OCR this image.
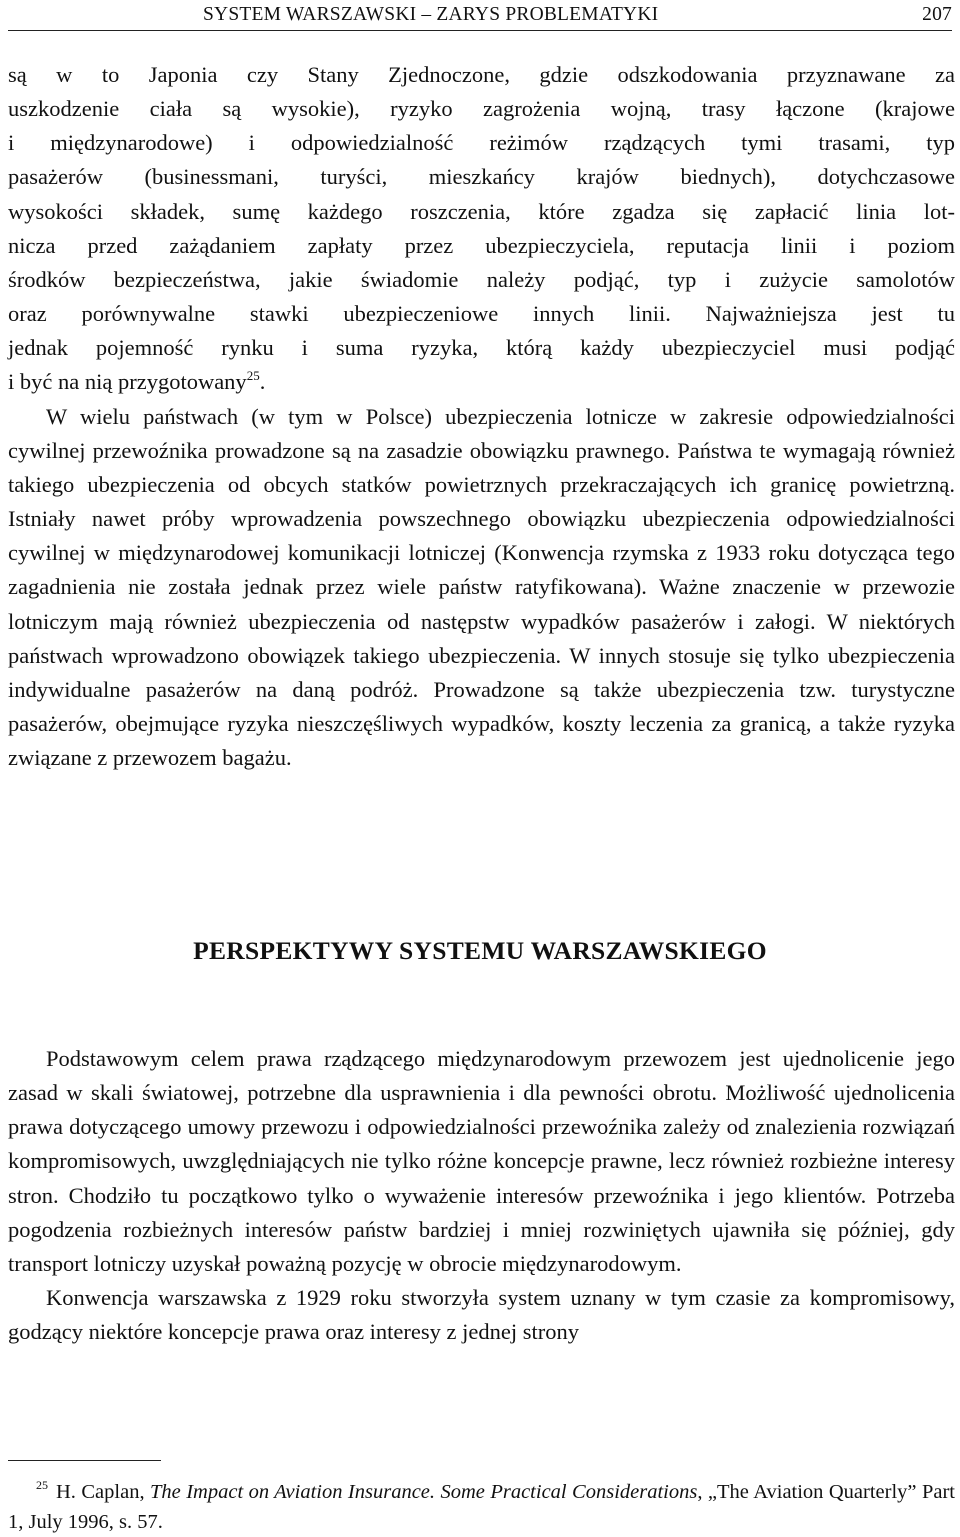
SYSTEM WARSZAWSKI – ZARYS PROBLEMATYKI	207

są w to Japonia czy Stany Zjednoczone, gdzie odszkodowania przyznawane za
uszkodzenie ciała są wysokie), ryzyko zagrożenia wojną, trasy łączone (krajowe
i międzynarodowe) i odpowiedzialność reżimów rządzących tymi trasami, typ
pasażerów (businessmani, turyści, mieszkańcy krajów biednych), dotychczasowe
wysokości składek, sumę każdego roszczenia, które zgadza się zapłacić linia lot-
nicza przed zażądaniem zapłaty przez ubezpieczyciela, reputacja linii i poziom
środków bezpieczeństwa, jakie świadomie należy podjąć, typ i zużycie samolotów
oraz porównywalne stawki ubezpieczeniowe innych linii. Najważniejsza jest tu
jednak pojemność rynku i suma ryzyka, którą każdy ubezpieczyciel musi podjąć
i być na nią przygotowany$^{25}$.

W wielu państwach (w tym w Polsce) ubezpieczenia lotnicze w zakresie odpowiedzialności cywilnej przewoźnika prowadzone są na zasadzie obowiązku prawnego. Państwa te wymagają również takiego ubezpieczenia od obcych statków powietrznych przekraczających ich granicę powietrzną. Istniały nawet próby wprowadzenia powszechnego obowiązku ubezpieczenia odpowiedzialności cywilnej w międzynarodowej komunikacji lotniczej (Konwencja rzymska z 1933 roku dotycząca tego zagadnienia nie została jednak przez wiele państw ratyfikowana). Ważne znaczenie w przewozie lotniczym mają również ubezpieczenia od następstw wypadków pasażerów i załogi. W niektórych państwach wprowadzono obowiązek takiego ubezpieczenia. W innych stosuje się tylko ubezpieczenia indywidualne pasażerów na daną podróż. Prowadzone są także ubezpieczenia tzw. turystyczne pasażerów, obejmujące ryzyka nieszczęśliwych wypadków, koszty leczenia za granicą, a także ryzyka związane z przewozem bagażu.

PERSPEKTYWY SYSTEMU WARSZAWSKIEGO

Podstawowym celem prawa rządzącego międzynarodowym przewozem jest ujednolicenie jego zasad w skali światowej, potrzebne dla usprawnienia i dla pewności obrotu. Możliwość ujednolicenia prawa dotyczącego umowy przewozu i odpowiedzialności przewoźnika zależy od znalezienia rozwiązań kompromisowych, uwzględniających nie tylko różne koncepcje prawne, lecz również rozbieżne interesy stron. Chodziło tu początkowo tylko o wyważenie interesów przewoźnika i jego klientów. Potrzeba pogodzenia rozbieżnych interesów państw bardziej i mniej rozwiniętych ujawniła się później, gdy transport lotniczy uzyskał poważną pozycję w obrocie międzynarodowym.

Konwencja warszawska z 1929 roku stworzyła system uznany w tym czasie za kompromisowy, godzący niektóre koncepcje prawa oraz interesy z jednej strony

$^{25}$ H. Caplan, The Impact on Aviation Insurance. Some Practical Considerations, „The Aviation Quarterly” Part 1, July 1996, s. 57.
